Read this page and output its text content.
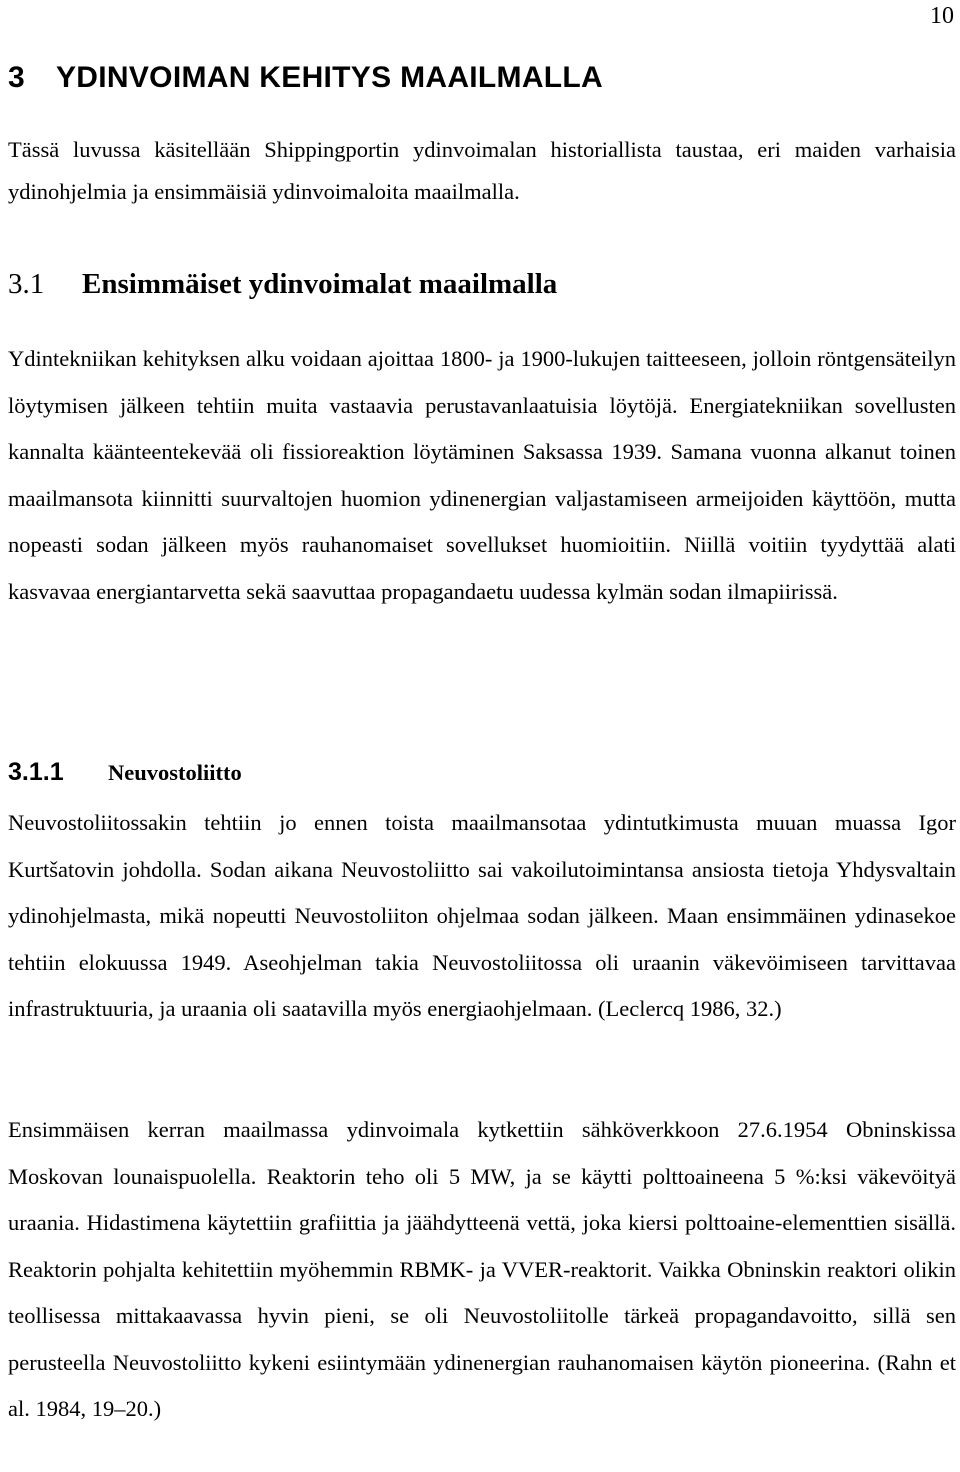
10
3 YDINVOIMAN KEHITYS MAAILMALLA

Tässä luvussa käsitellään Shippingportin ydinvoimalan historiallista taustaa, eri maiden varhaisia ydinohjelmia ja ensimmäisiä ydinvoimaloita maailmalla.

3.1 Ensimmäiset ydinvoimalat maailmalla

Ydintekniikan kehityksen alku voidaan ajoittaa 1800- ja 1900-lukujen taitteeseen, jolloin röntgensäteilyn löytymisen jälkeen tehtiin muita vastaavia perustavanlaatuisia löytöjä. Energiatekniikan sovellusten kannalta käänteentekevää oli fissioreaktion löytäminen Saksassa 1939. Samana vuonna alkanut toinen maailmansota kiinnitti suurvaltojen huomion ydinenergian valjastamiseen armeijoiden käyttöön, mutta nopeasti sodan jälkeen myös rauhanomaiset sovellukset huomioitiin. Niillä voitiin tyydyttää alati kasvavaa energiantarvetta sekä saavuttaa propagandaetu uudessa kylmän sodan ilmapiirissä.

3.1.1 Neuvostoliitto

Neuvostoliitossakin tehtiin jo ennen toista maailmansotaa ydintutkimusta muuan muassa Igor Kurtšatovin johdolla. Sodan aikana Neuvostoliitto sai vakoilutoimintansa ansiosta tietoja Yhdysvaltain ydinohjelmasta, mikä nopeutti Neuvostoliiton ohjelmaa sodan jälkeen. Maan ensimmäinen ydinasekoe tehtiin elokuussa 1949. Aseohjelman takia Neuvostoliitossa oli uraanin väkevöimiseen tarvittavaa infrastruktuuria, ja uraania oli saatavilla myös energiaohjelmaan. (Leclercq 1986, 32.)

Ensimmäisen kerran maailmassa ydinvoimala kytkettiin sähköverkkoon 27.6.1954 Obninskissa Moskovan lounaispuolella. Reaktorin teho oli 5 MW, ja se käytti polttoaineena 5 %:ksi väkevöityä uraania. Hidastimena käytettiin grafiittia ja jäähdytteenä vettä, joka kiersi polttoaine-elementtien sisällä. Reaktorin pohjalta kehitettiin myöhemmin RBMK- ja VVER-reaktorit. Vaikka Obninskin reaktori olikin teollisessa mittakaavassa hyvin pieni, se oli Neuvostoliitolle tärkeä propagandavoitto, sillä sen perusteella Neuvostoliitto kykeni esiintymään ydinenergian rauhanomaisen käytön pioneerina. (Rahn et al. 1984, 19–20.)
